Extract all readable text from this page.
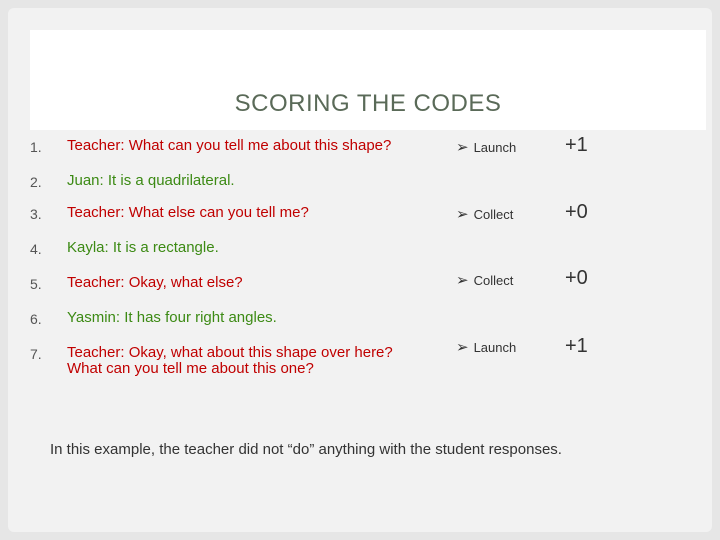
SCORING THE CODES
1. Teacher: What can you tell me about this shape?	➢ Launch +1
2. Juan: It is a quadrilateral.
3. Teacher: What else can you tell me?	➢ Collect	+0
4. Kayla: It is a rectangle.
5. Teacher: Okay, what else?	➢ Collect	+0
6. Yasmin: It has four right angles.
7. Teacher: Okay, what about this shape over here?
What can you tell me about this one?
➢ Launch +1
In this example, the teacher did not “do” anything with the student responses.
